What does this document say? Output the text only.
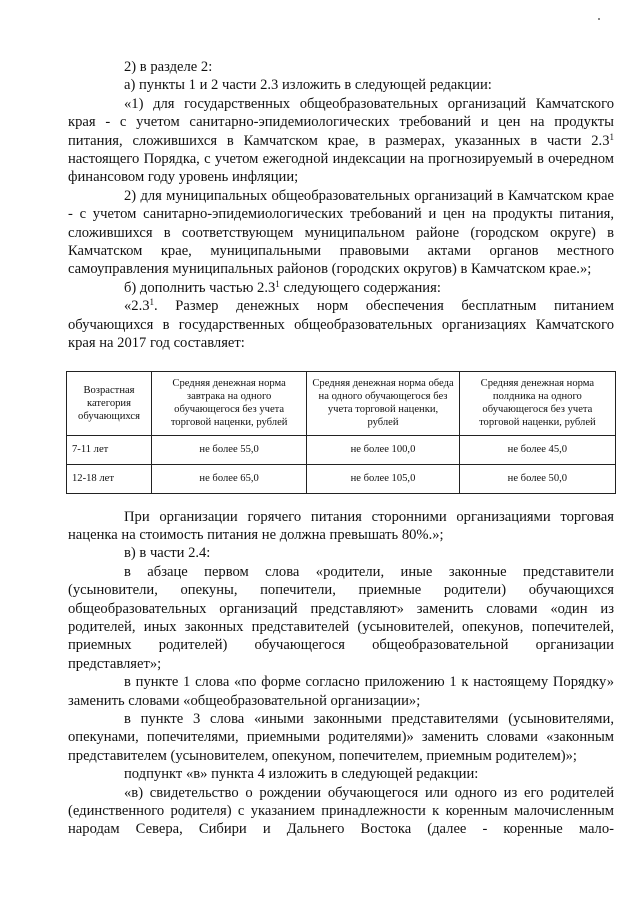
2) в разделе 2:

а) пункты 1 и 2 части 2.3 изложить в следующей редакции:

«1) для государственных общеобразовательных организаций Камчатского края - с учетом санитарно-эпидемиологических требований и цен на продукты питания, сложившихся в Камчатском крае, в размерах, указанных в части $2.3^1$ настоящего Порядка, с учетом ежегодной индексации на прогнозируемый в очередном финансовом году уровень инфляции;

2) для муниципальных общеобразовательных организаций в Камчатском крае - с учетом санитарно-эпидемиологических требований и цен на продукты питания, сложившихся в соответствующем муниципальном районе (городском округе) в Камчатском крае, муниципальными правовыми актами органов местного самоуправления муниципальных районов (городских округов) в Камчатском крае.»;

б) дополнить частью $2.3^1$ следующего содержания:

«$2.3^1$. Размер денежных норм обеспечения бесплатным питанием обучающихся в государственных общеобразовательных организациях Камчатского края на 2017 год составляет:

Возрастная категория обучающихся	Средняя денежная норма завтрака на одного обучающегося без учета торговой наценки, рублей	Средняя денежная норма обеда на одного обучающегося без учета торговой наценки, рублей	Средняя денежная норма полдника на одного обучающегося без учета торговой наценки, рублей
7-11 лет	не более 55,0	не более 100,0	не более 45,0
12-18 лет	не более 65,0	не более 105,0	не более 50,0

При организации горячего питания сторонними организациями торговая наценка на стоимость питания не должна превышать 80%.»;

в) в части 2.4:

в абзаце первом слова «родители, иные законные представители (усыновители, опекуны, попечители, приемные родители) обучающихся общеобразовательных организаций представляют» заменить словами «один из родителей, иных законных представителей (усыновителей, опекунов, попечителей, приемных родителей) обучающегося общеобразовательной организации представляет»;

в пункте 1 слова «по форме согласно приложению 1 к настоящему Порядку» заменить словами «общеобразовательной организации»;

в пункте 3 слова «иными законными представителями (усыновителями, опекунами, попечителями, приемными родителями)» заменить словами «законным представителем (усыновителем, опекуном, попечителем, приемным родителем)»;

подпункт «в» пункта 4 изложить в следующей редакции:

«в) свидетельство о рождении обучающегося или одного из его родителей (единственного родителя) с указанием принадлежности к коренным малочисленным народам Севера, Сибири и Дальнего Востока (далее - коренные мало-
